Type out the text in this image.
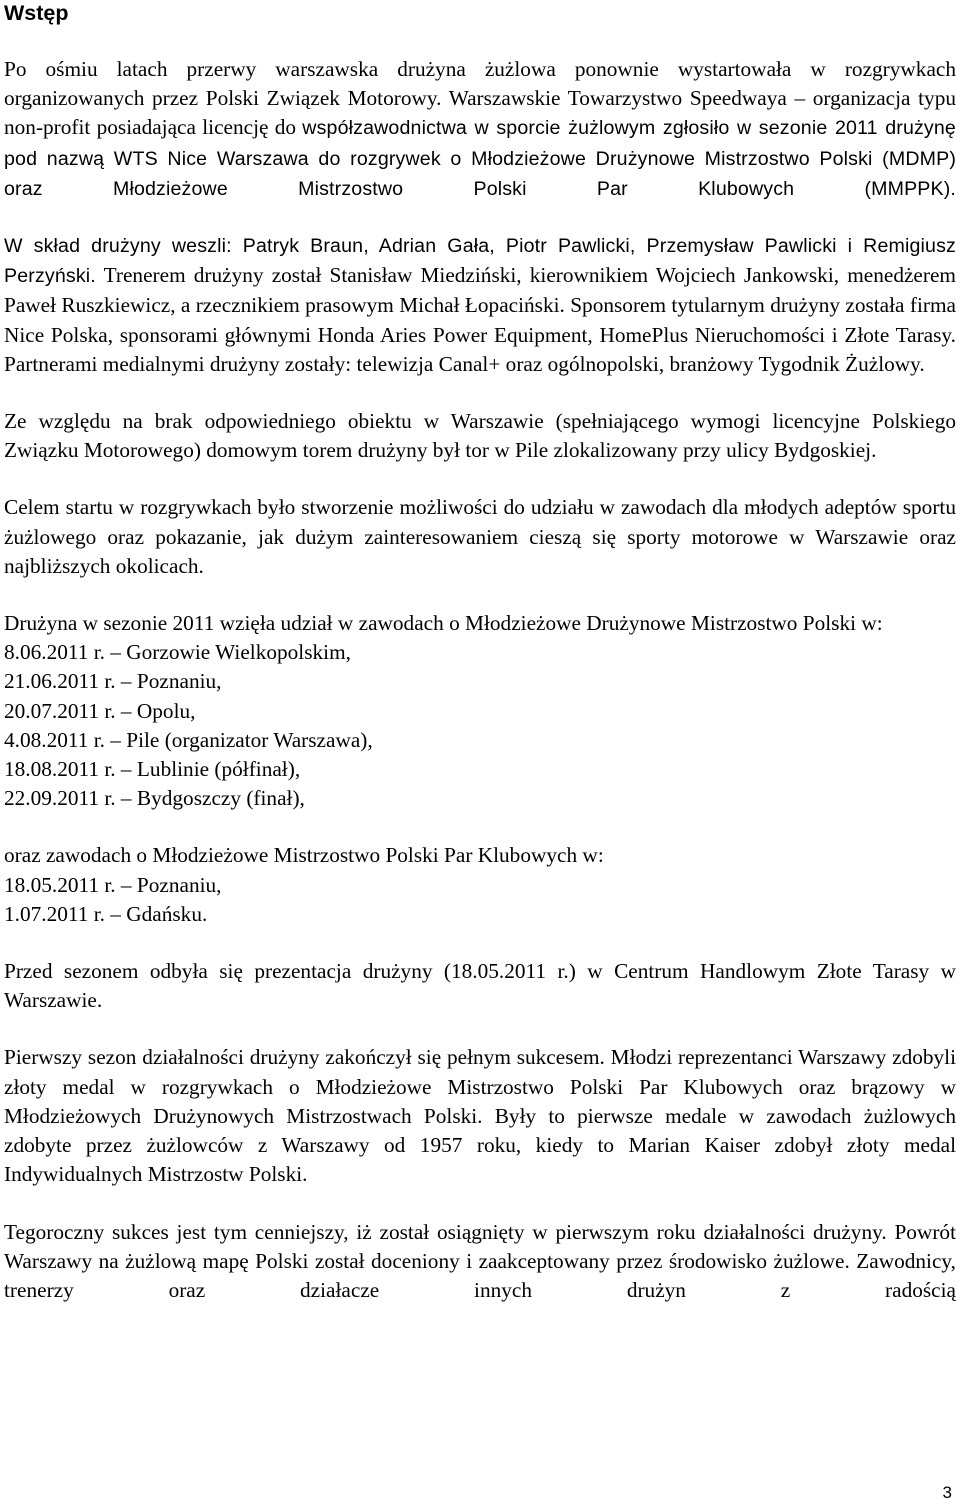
Wstęp

Po ośmiu latach przerwy warszawska drużyna żużlowa ponownie wystartowała w rozgrywkach organizowanych przez Polski Związek Motorowy. Warszawskie Towarzystwo Speedwaya – organizacja typu non-profit posiadająca licencję do współzawodnictwa w sporcie żużlowym zgłosiło w sezonie 2011 drużynę pod nazwą WTS Nice Warszawa do rozgrywek o Młodzieżowe Drużynowe Mistrzostwo Polski (MDMP) oraz Młodzieżowe Mistrzostwo Polski Par Klubowych (MMPPK).

W skład drużyny weszli: Patryk Braun, Adrian Gała, Piotr Pawlicki, Przemysław Pawlicki i Remigiusz Perzyński. Trenerem drużyny został Stanisław Miedziński, kierownikiem Wojciech Jankowski, menedżerem Paweł Ruszkiewicz, a rzecznikiem prasowym Michał Łopaciński. Sponsorem tytularnym drużyny została firma Nice Polska, sponsorami głównymi Honda Aries Power Equipment, HomePlus Nieruchomości i Złote Tarasy. Partnerami medialnymi drużyny zostały: telewizja Canal+ oraz ogólnopolski, branżowy Tygodnik Żużlowy.

Ze względu na brak odpowiedniego obiektu w Warszawie (spełniającego wymogi licencyjne Polskiego Związku Motorowego) domowym torem drużyny był tor w Pile zlokalizowany przy ulicy Bydgoskiej.

Celem startu w rozgrywkach było stworzenie możliwości do udziału w zawodach dla młodych adeptów sportu żużlowego oraz pokazanie, jak dużym zainteresowaniem cieszą się sporty motorowe w Warszawie oraz najbliższych okolicach.

Drużyna w sezonie 2011 wzięła udział w zawodach o Młodzieżowe Drużynowe Mistrzostwo Polski w:

8.06.2011 r. – Gorzowie Wielkopolskim,

21.06.2011 r. – Poznaniu,

20.07.2011 r. – Opolu,

4.08.2011 r. – Pile (organizator Warszawa),

18.08.2011 r. – Lublinie (półfinał),

22.09.2011 r. – Bydgoszczy (finał),

oraz zawodach o Młodzieżowe Mistrzostwo Polski Par Klubowych w:

18.05.2011 r. – Poznaniu,

1.07.2011 r. – Gdańsku.

Przed sezonem odbyła się prezentacja drużyny (18.05.2011 r.) w Centrum Handlowym Złote Tarasy w Warszawie.

Pierwszy sezon działalności drużyny zakończył się pełnym sukcesem. Młodzi reprezentanci Warszawy zdobyli złoty medal w rozgrywkach o Młodzieżowe Mistrzostwo Polski Par Klubowych oraz brązowy w Młodzieżowych Drużynowych Mistrzostwach Polski. Były to pierwsze medale w zawodach żużlowych zdobyte przez żużlowców z Warszawy od 1957 roku, kiedy to Marian Kaiser zdobył złoty medal Indywidualnych Mistrzostw Polski.

Tegoroczny sukces jest tym cenniejszy, iż został osiągnięty w pierwszym roku działalności drużyny. Powrót Warszawy na żużlową mapę Polski został doceniony i zaakceptowany przez środowisko żużlowe. Zawodnicy, trenerzy oraz działacze innych drużyn z radością

3
